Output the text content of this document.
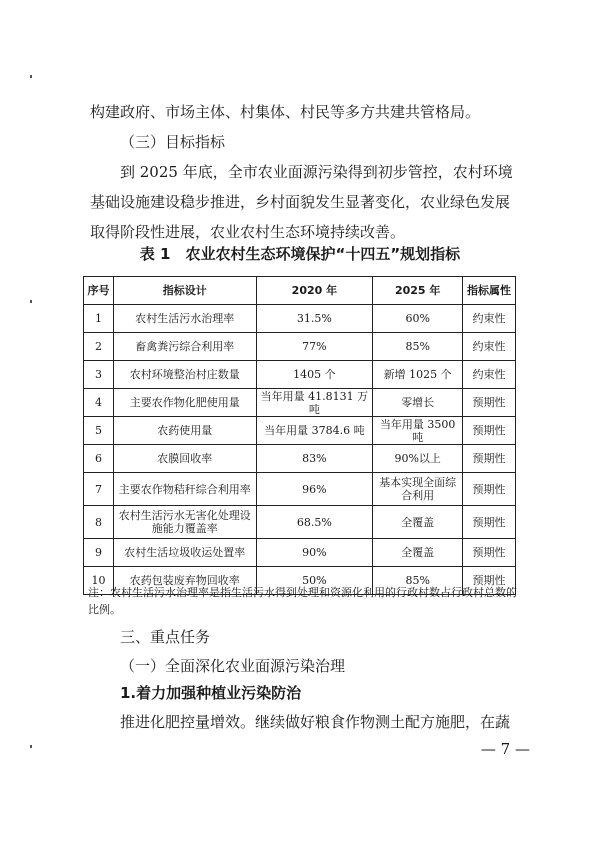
构建政府、市场主体、村集体、村民等多方共建共管格局。

（三）目标指标

到 2025 年底，全市农业面源污染得到初步管控，农村环境基础设施建设稳步推进，乡村面貌发生显著变化，农业绿色发展取得阶段性进展，农业农村生态环境持续改善。

表 1　农业农村生态环境保护“十四五”规划指标

序号	指标设计	2020 年	2025 年	指标属性
1	农村生活污水治理率	31.5%	60%	约束性
2	畜禽粪污综合利用率	77%	85%	约束性
3	农村环境整治村庄数量	1405 个	新增 1025 个	约束性
4	主要农作物化肥使用量	当年用量 41.8131 万吨	零增长	预期性
5	农药使用量	当年用量 3784.6 吨	当年用量 3500 吨	预期性
6	农膜回收率	83%	90%以上	预期性
7	主要农作物秸秆综合利用率	96%	基本实现全面综合利用	预期性
8	农村生活污水无害化处理设施能力覆盖率	68.5%	全覆盖	预期性
9	农村生活垃圾收运处置率	90%	全覆盖	预期性
10	农药包装废弃物回收率	50%	85%	预期性

注：农村生活污水治理率是指生活污水得到处理和资源化利用的行政村数占行政村总数的比例。

三、重点任务

（一）全面深化农业面源污染治理

1.着力加强种植业污染防治

推进化肥控量增效。继续做好粮食作物测土配方施肥，在蔬

— 7 —
